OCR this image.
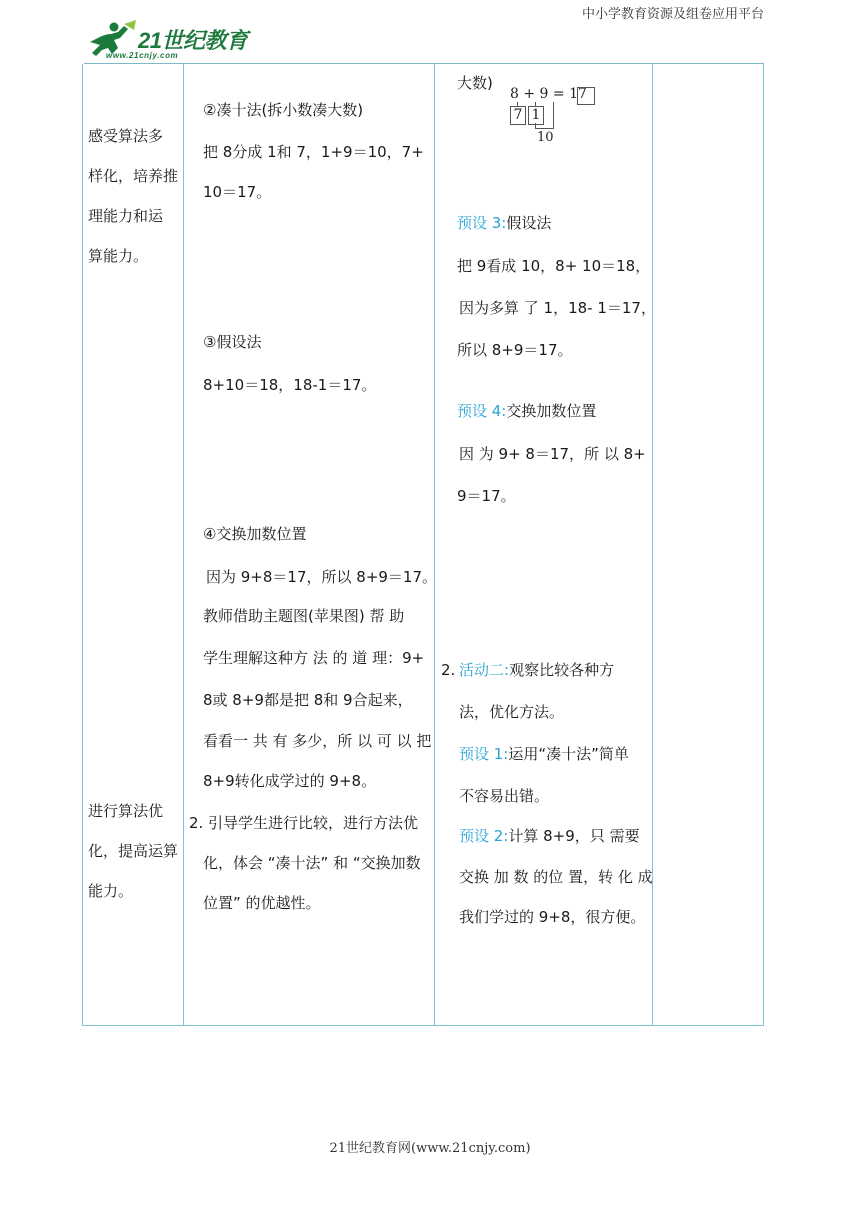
中小学教育资源及组卷应用平台
21世纪教育
www.21cnjy.com
感受算法多
样化，培养推
理能力和运
算能力。
进行算法优
化，提高运算
能力。
②凑十法(拆小数凑大数)
把 8分成 1和 7，1+9＝10，7+
10＝17。
③假设法
8+10＝18，18-1＝17。
④交换加数位置
因为 9+8＝17，所以 8+9＝17。
教师借助主题图(苹果图) 帮 助
学生理解这种方 法 的 道 理：9+
8或 8+9都是把 8和 9合起来，
看看一 共 有 多少，所 以 可 以 把
8+9转化成学过的 9+8。
2. 引导学生进行比较，进行方法优
化，体会 “凑十法” 和 “交换加数
位置” 的优越性。
大数)
8 + 9 = 17
7 1
10
预设 3:假设法
把 9看成 10，8+ 10＝18，
因为多算 了 1，18- 1＝17，
所以 8+9＝17。
预设 4:交换加数位置
因 为 9+ 8＝17，所 以 8+
9＝17。
2. 活动二:观察比较各种方
法，优化方法。
预设 1:运用“凑十法”简单
不容易出错。
预设 2:计算 8+9，只 需要
交换 加 数 的位 置，转 化 成
我们学过的 9+8，很方便。
21世纪教育网(www.21cnjy.com)
